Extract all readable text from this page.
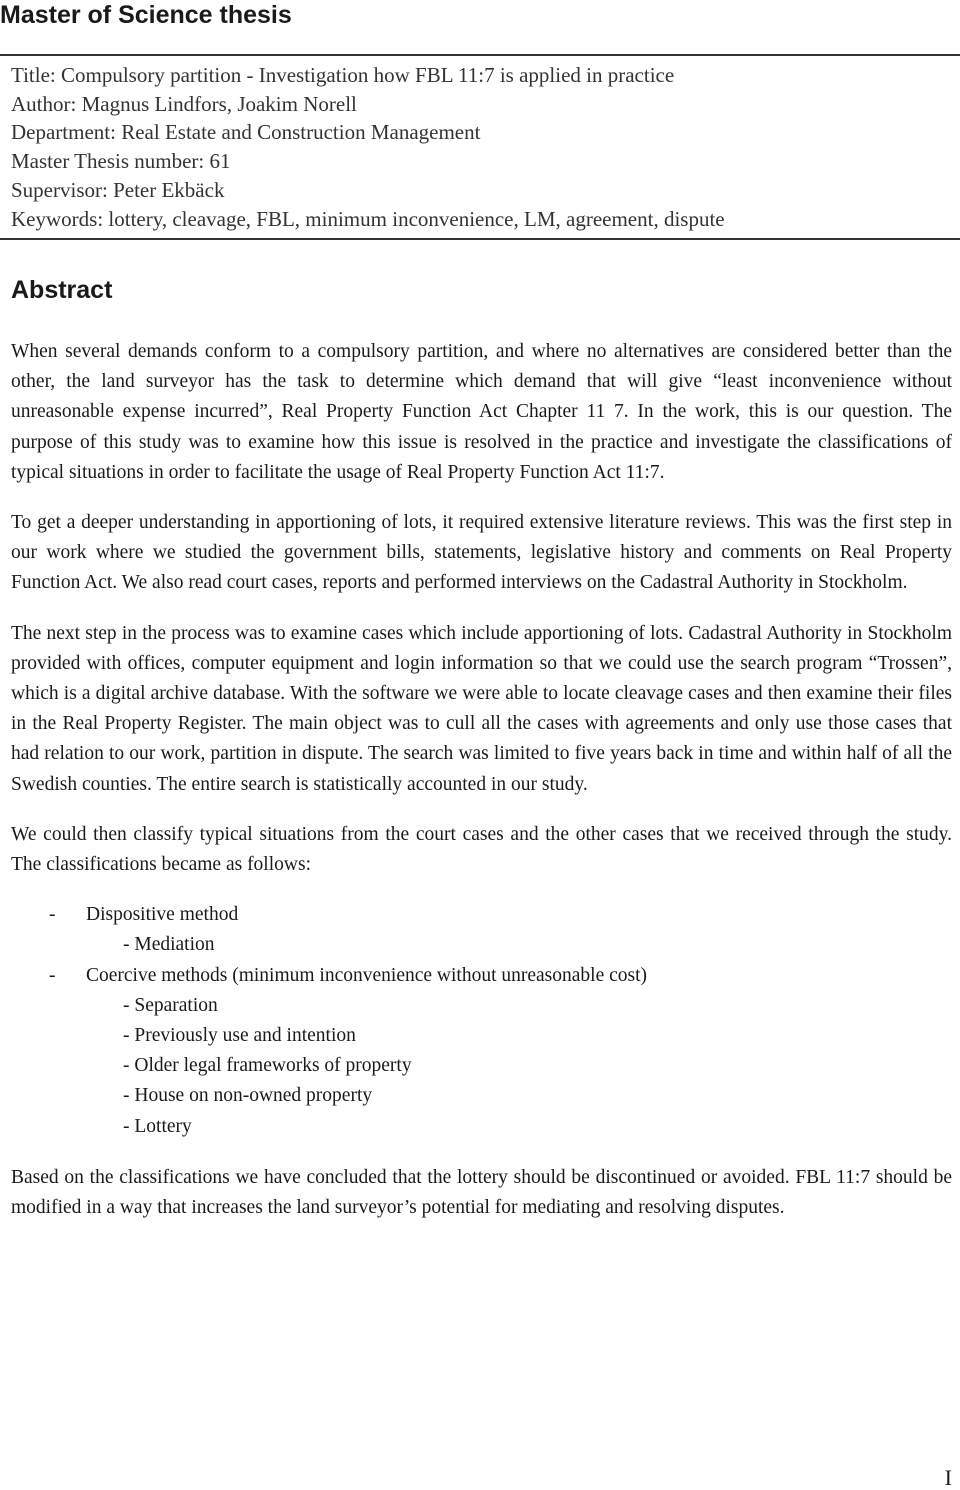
Master of Science thesis
Title: Compulsory partition - Investigation how FBL 11:7 is applied in practice
Author: Magnus Lindfors, Joakim Norell
Department: Real Estate and Construction Management
Master Thesis number: 61
Supervisor: Peter Ekbäck
Keywords: lottery, cleavage, FBL, minimum inconvenience, LM, agreement, dispute
Abstract

When several demands conform to a compulsory partition, and where no alternatives are considered better than the other, the land surveyor has the task to determine which demand that will give “least inconvenience without unreasonable expense incurred”, Real Property Function Act Chapter 11 7. In the work, this is our question. The purpose of this study was to examine how this issue is resolved in the practice and investigate the classifications of typical situations in order to facilitate the usage of Real Property Function Act 11:7.

To get a deeper understanding in apportioning of lots, it required extensive literature reviews. This was the first step in our work where we studied the government bills, statements, legislative history and comments on Real Property Function Act. We also read court cases, reports and performed interviews on the Cadastral Authority in Stockholm.

The next step in the process was to examine cases which include apportioning of lots. Cadastral Authority in Stockholm provided with offices, computer equipment and login information so that we could use the search program “Trossen”, which is a digital archive database. With the software we were able to locate cleavage cases and then examine their files in the Real Property Register. The main object was to cull all the cases with agreements and only use those cases that had relation to our work, partition in dispute. The search was limited to five years back in time and within half of all the Swedish counties. The entire search is statistically accounted in our study.

We could then classify typical situations from the court cases and the other cases that we received through the study. The classifications became as follows:

-	Dispositive method
- Mediation
-	Coercive methods (minimum inconvenience without unreasonable cost)
- Separation
- Previously use and intention
- Older legal frameworks of property
- House on non-owned property
- Lottery

Based on the classifications we have concluded that the lottery should be discontinued or avoided. FBL 11:7 should be modified in a way that increases the land surveyor’s potential for mediating and resolving disputes.

I
